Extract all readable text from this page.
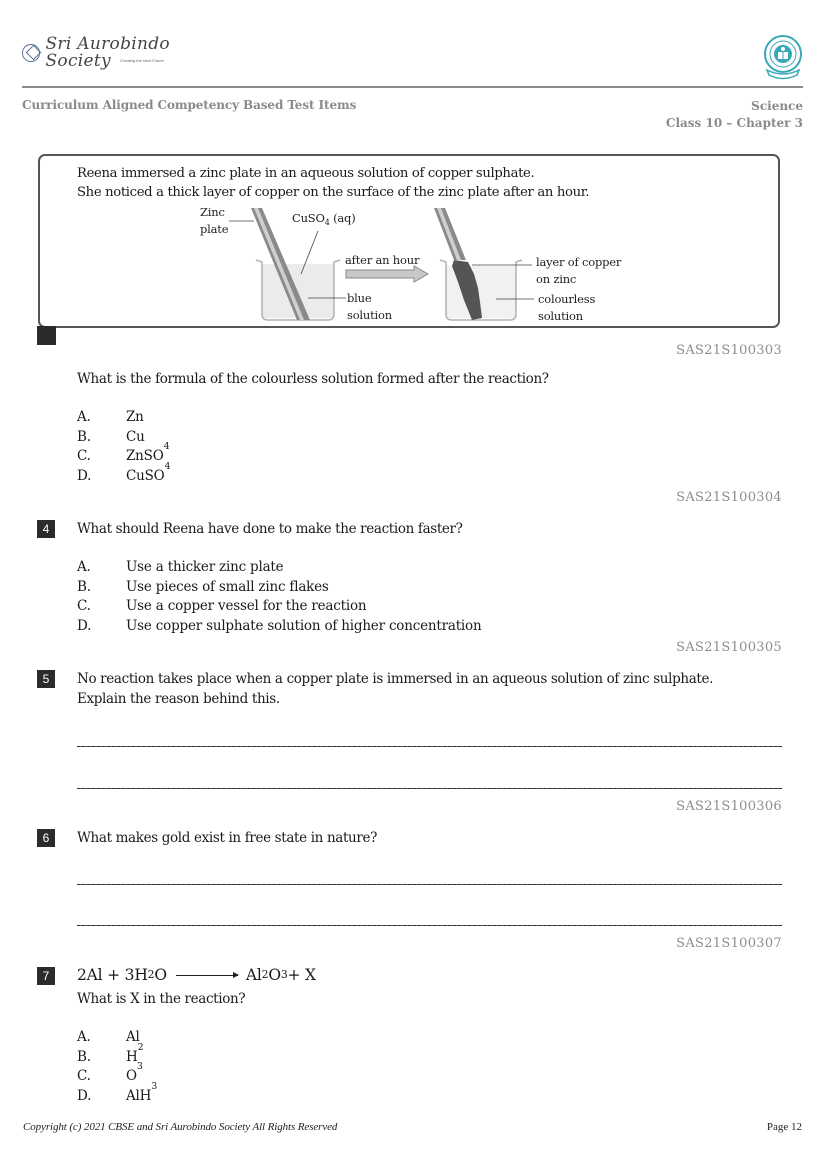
Sri Aurobindo Society	Creating the Next Future
Curriculum Aligned Competency Based Test Items	Science
Class 10 – Chapter 3
Reena immersed a zinc plate in an aqueous solution of copper sulphate.
She noticed a thick layer of copper on the surface of the zinc plate after an hour.
Zinc
plate
CuSO$_4$ (aq)
after an hour
blue
solution
layer of copper
on zinc
colourless
solution
SAS21S100303
What is the formula of the colourless solution formed after the reaction?
A.	Zn
B.	Cu
C.	ZnSO
4
D.	CuSO
4
SAS21S100304
4	What should Reena have done to make the reaction faster?
A.	Use a thicker zinc plate
B.	Use pieces of small zinc flakes
C.	Use a copper vessel for the reaction
D.	Use copper sulphate solution of higher concentration
SAS21S100305
5	No reaction takes place when a copper plate is immersed in an aqueous solution of zinc sulphate.
Explain the reason behind this.
SAS21S100306
6	What makes gold exist in free state in nature?
SAS21S100307
7	2Al + 3H 2 O → Al 2 O 3 + X
What is X in the reaction?
A.	Al
B.	H
2
C.	O
3
D.	AlH
3
Copyright (c) 2021 CBSE and Sri Aurobindo Society All Rights Reserved	Page 12
